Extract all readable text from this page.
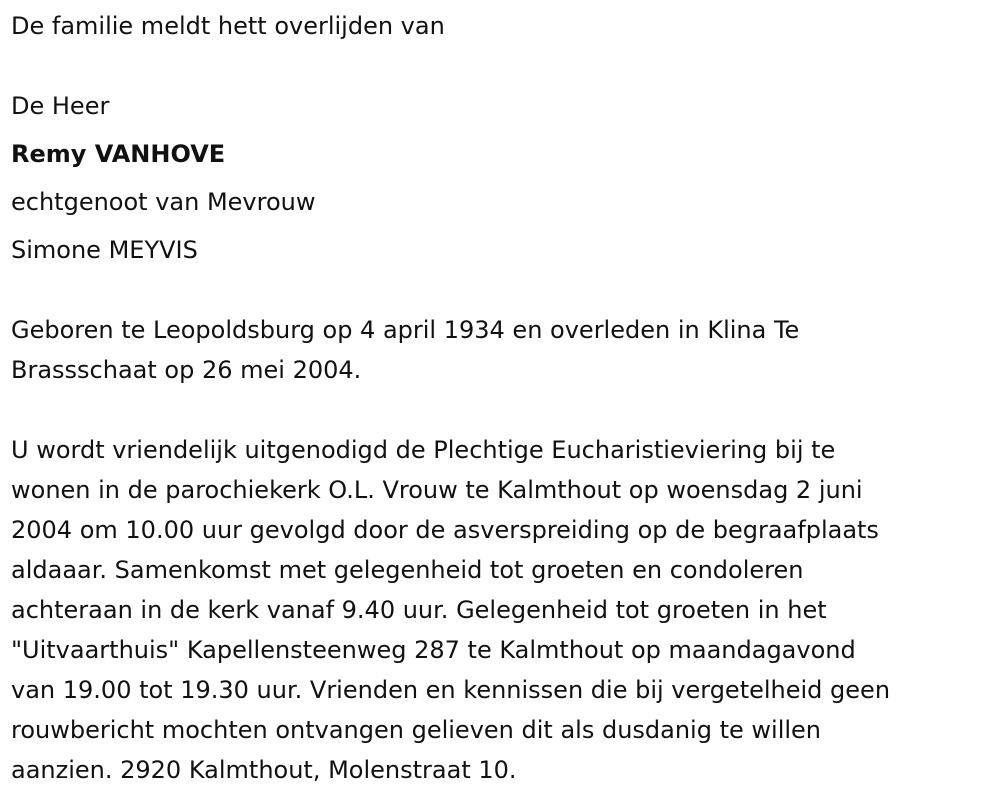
De familie meldt hett overlijden van
De Heer
Remy VANHOVE
echtgenoot van Mevrouw
Simone MEYVIS
Geboren te Leopoldsburg op 4 april 1934 en overleden in Klina Te
Brassschaat op 26 mei 2004.
U wordt vriendelijk uitgenodigd de Plechtige Eucharistieviering bij te
wonen in de parochiekerk O.L. Vrouw te Kalmthout op woensdag 2 juni
2004 om 10.00 uur gevolgd door de asverspreiding op de begraafplaats
aldaaar. Samenkomst met gelegenheid tot groeten en condoleren
achteraan in de kerk vanaf 9.40 uur. Gelegenheid tot groeten in het
"Uitvaarthuis" Kapellensteenweg 287 te Kalmthout op maandagavond
van 19.00 tot 19.30 uur. Vrienden en kennissen die bij vergetelheid geen
rouwbericht mochten ontvangen gelieven dit als dusdanig te willen
aanzien. 2920 Kalmthout, Molenstraat 10.
